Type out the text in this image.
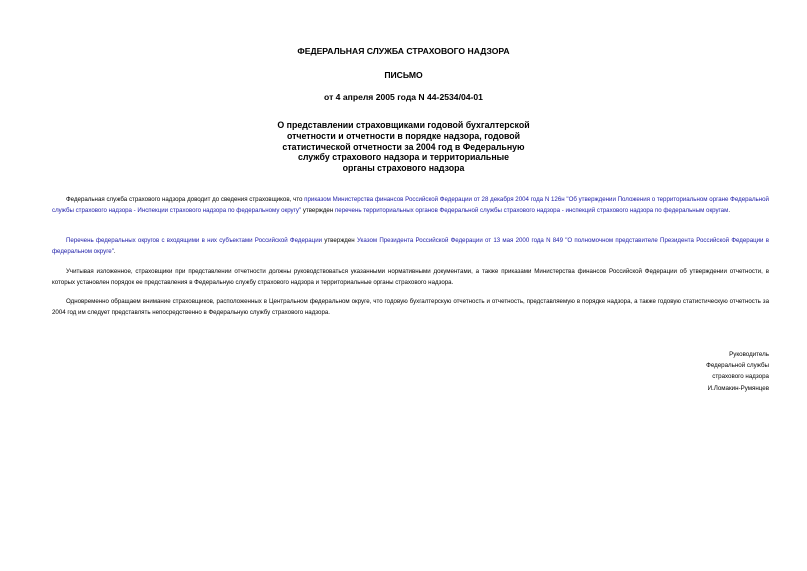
ФЕДЕРАЛЬНАЯ СЛУЖБА СТРАХОВОГО НАДЗОРА
ПИСЬМО
от 4 апреля 2005 года N 44-2534/04-01
О представлении страховщиками годовой бухгалтерской
отчетности и отчетности в порядке надзора, годовой
статистической отчетности за 2004 год в Федеральную
службу страхового надзора и территориальные
органы страхового надзора
Федеральная служба страхового надзора доводит до сведения страховщиков, что приказом Министерства финансов Российской Федерации от 28 декабря 2004 года N 126н "Об утверждении Положения о территориальном органе Федеральной службы страхового надзора - Инспекции страхового надзора по федеральному округу" утвержден перечень территориальных органов Федеральной службы страхового надзора - инспекций страхового надзора по федеральным округам.
Перечень федеральных округов с входящими в них субъектами Российской Федерации утвержден Указом Президента Российской Федерации от 13 мая 2000 года N 849 "О полномочном представителе Президента Российской Федерации в федеральном округе".
Учитывая изложенное, страховщики при представлении отчетности должны руководствоваться указанными нормативными документами, а также приказами Министерства финансов Российской Федерации об утверждении отчетности, в которых установлен порядок ее представления в Федеральную службу страхового надзора и территориальные органы страхового надзора.
Одновременно обращаем внимание страховщиков, расположенных в Центральном федеральном округе, что годовую бухгалтерскую отчетность и отчетность, представляемую в порядке надзора, а также годовую статистическую отчетность за 2004 год им следует представлять непосредственно в Федеральную службу страхового надзора.
Руководитель
Федеральной службы
страхового надзора
И.Ломакин-Румянцев
